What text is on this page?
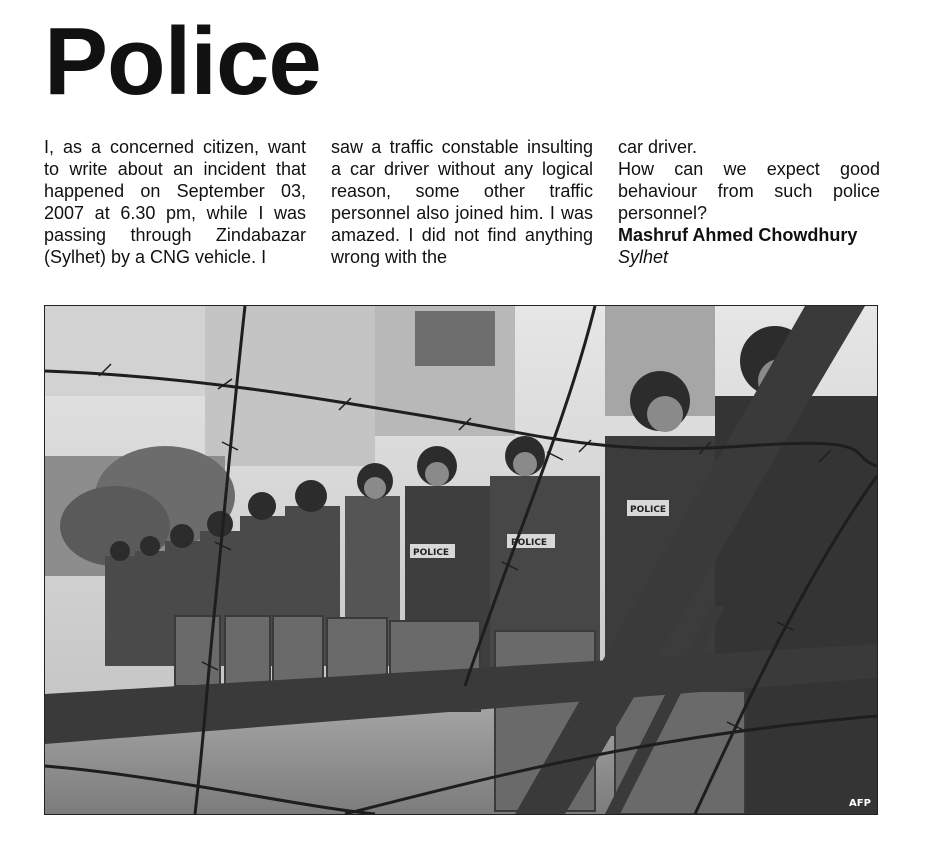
Police

I, as a concerned citizen, want to write about an incident that happened on September 03, 2007 at 6.30 pm, while I was passing through Zindabazar (Sylhet) by a CNG vehicle. I

saw a traffic constable insulting a car driver without any logical reason, some other traffic personnel also joined him. I was amazed. I did not find anything wrong with the

car driver.

How can we expect good behaviour from such police personnel?

Mashruf Ahmed Chowdhury
Sylhet
POLICE
POLICE
POLICE
AFP
